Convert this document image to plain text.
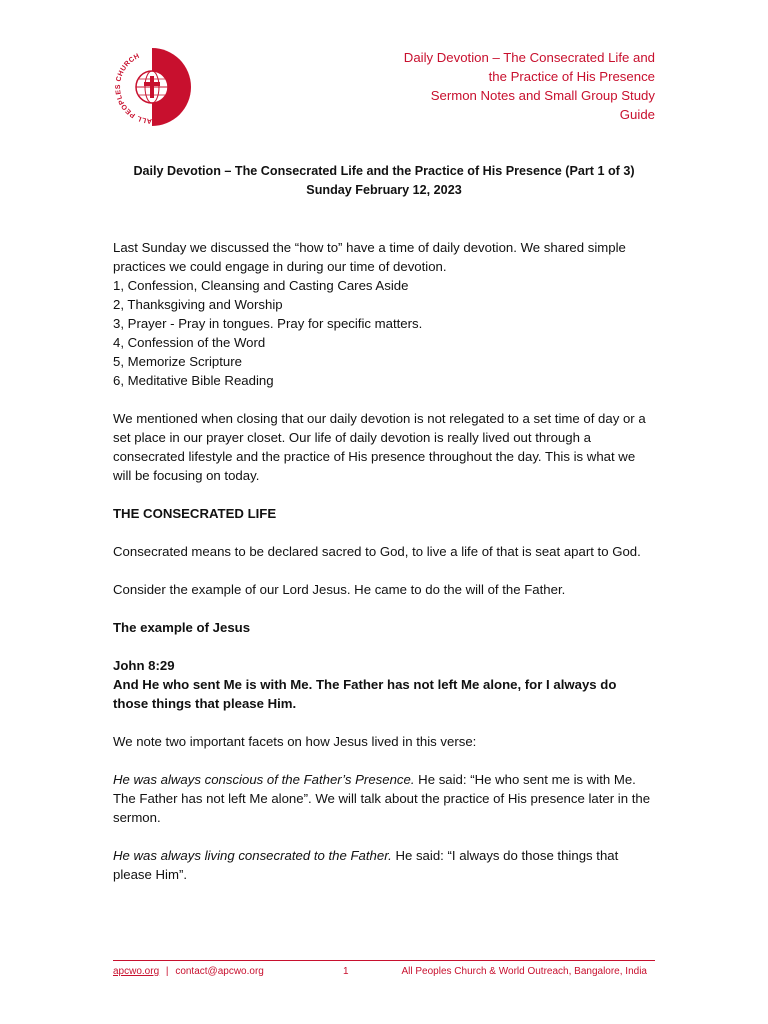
ALL PEOPLES CHURCH	Daily Devotion – The Consecrated Life and
the Practice of His Presence
Sermon Notes and Small Group Study
Guide
Daily Devotion – The Consecrated Life and the Practice of His Presence (Part 1 of 3)
Sunday February 12, 2023
Last Sunday we discussed the “how to” have a time of daily devotion. We shared simple practices we could engage in during our time of devotion.
1, Confession, Cleansing and Casting Cares Aside
2, Thanksgiving and Worship
3, Prayer - Pray in tongues. Pray for specific matters.
4, Confession of the Word
5, Memorize Scripture
6, Meditative Bible Reading

We mentioned when closing that our daily devotion is not relegated to a set time of day or a set place in our prayer closet. Our life of daily devotion is really lived out through a consecrated lifestyle and the practice of His presence throughout the day. This is what we will be focusing on today.

THE CONSECRATED LIFE

Consecrated means to be declared sacred to God, to live a life of that is seat apart to God.

Consider the example of our Lord Jesus. He came to do the will of the Father.

The example of Jesus

John 8:29
And He who sent Me is with Me. The Father has not left Me alone, for I always do those things that please Him.

We note two important facets on how Jesus lived in this verse:

He was always conscious of the Father’s Presence. He said: “He who sent me is with Me. The Father has not left Me alone”. We will talk about the practice of His presence later in the sermon.

He was always living consecrated to the Father. He said: “I always do those things that please Him”.

apcwo.org | contact@apcwo.org	1	All Peoples Church & World Outreach, Bangalore, India
